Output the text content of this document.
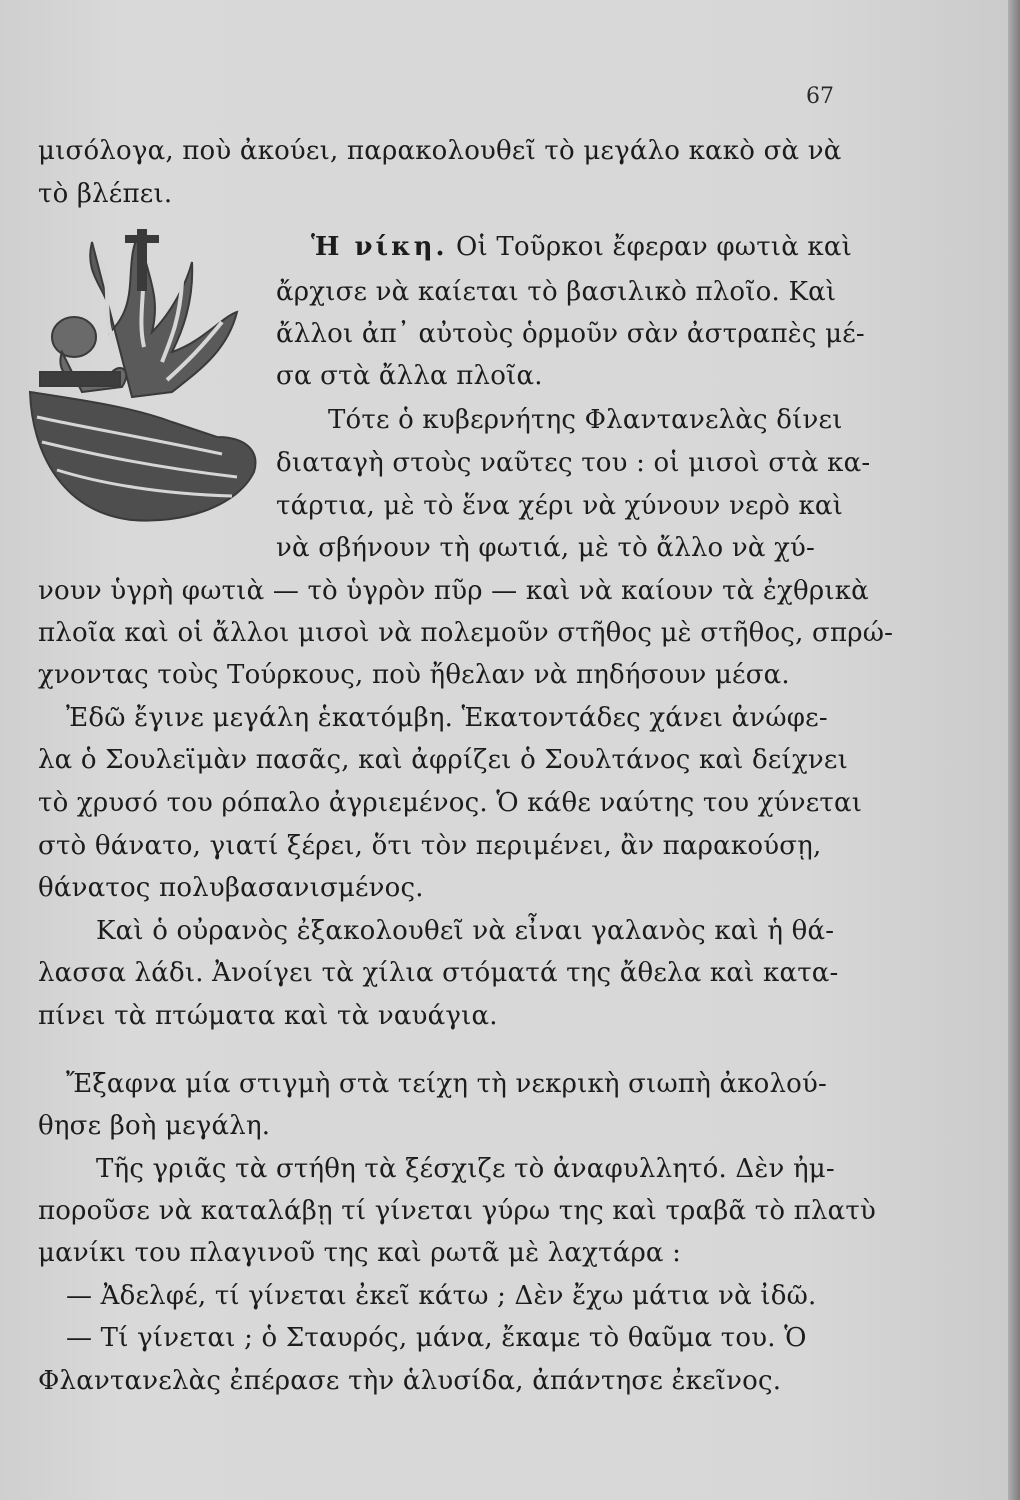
67
μισόλογα, ποὺ ἀκούει, παρακολουθεῖ τὸ μεγάλο κακὸ σὰ νὰ
τὸ βλέπει.
Ἡ νίκη. Οἱ Τοῦρκοι ἔφεραν φωτιὰ καὶ
ἄρχισε νὰ καίεται τὸ βασιλικὸ πλοῖο. Καὶ
ἄλλοι ἀπ᾽ αὐτοὺς ὁρμοῦν σὰν ἀστραπὲς μέ-
σα στὰ ἄλλα πλοῖα.
Τότε ὁ κυβερνήτης Φλαντανελὰς δίνει
διαταγὴ στοὺς ναῦτες του : οἱ μισοὶ στὰ κα-
τάρτια, μὲ τὸ ἕνα χέρι νὰ χύνουν νερὸ καὶ
νὰ σβήνουν τὴ φωτιά, μὲ τὸ ἄλλο νὰ χύ-
νουν ὑγρὴ φωτιὰ — τὸ ὑγρὸν πῦρ — καὶ νὰ καίουν τὰ ἐχθρικὰ
πλοῖα καὶ οἱ ἄλλοι μισοὶ νὰ πολεμοῦν στῆθος μὲ στῆθος, σπρώ-
χνοντας τοὺς Τούρκους, ποὺ ἤθελαν νὰ πηδήσουν μέσα.
Ἐδῶ ἔγινε μεγάλη ἑκατόμβη. Ἑκατοντάδες χάνει ἀνώφε-
λα ὁ Σουλεϊμὰν πασᾶς, καὶ ἀφρίζει ὁ Σουλτάνος καὶ δείχνει
τὸ χρυσό του ρόπαλο ἀγριεμένος. Ὁ κάθε ναύτης του χύνεται
στὸ θάνατο, γιατί ξέρει, ὅτι τὸν περιμένει, ἂν παρακούσῃ,
θάνατος πολυβασανισμένος.
Καὶ ὁ οὐρανὸς ἐξακολουθεῖ νὰ εἶναι γαλανὸς καὶ ἡ θά-
λασσα λάδι. Ἀνοίγει τὰ χίλια στόματά της ἄθελα καὶ κατα-
πίνει τὰ πτώματα καὶ τὰ ναυάγια.
Ἔξαφνα μία στιγμὴ στὰ τείχη τὴ νεκρικὴ σιωπὴ ἀκολού-
θησε βοὴ μεγάλη.
Τῆς γριᾶς τὰ στήθη τὰ ξέσχιζε τὸ ἀναφυλλητό. Δὲν ἠμ-
ποροῦσε νὰ καταλάβῃ τί γίνεται γύρω της καὶ τραβᾶ τὸ πλατὺ
μανίκι του πλαγινοῦ της καὶ ρωτᾶ μὲ λαχτάρα :
— Ἀδελφέ, τί γίνεται ἐκεῖ κάτω ; Δὲν ἔχω μάτια νὰ ἰδῶ.
— Τί γίνεται ; ὁ Σταυρός, μάνα, ἔκαμε τὸ θαῦμα του. Ὁ
Φλαντανελὰς ἐπέρασε τὴν ἁλυσίδα, ἀπάντησε ἐκεῖνος.
